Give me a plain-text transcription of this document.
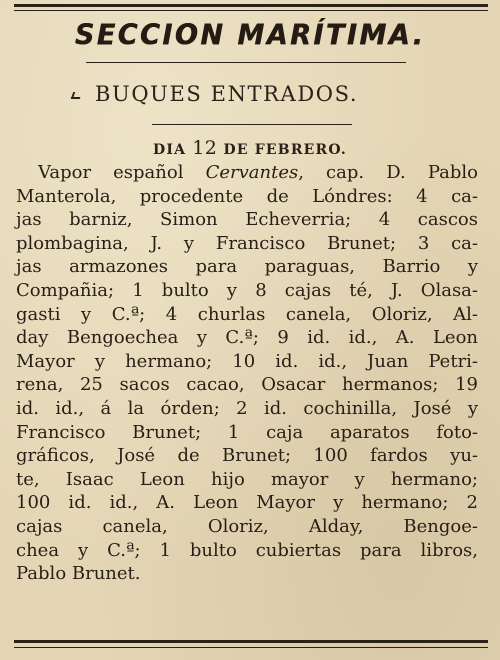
SECCION MARÍTIMA.
BUQUES ENTRADOS.
DIA 12 DE FEBRERO.
Vapor español Cervantes, cap. D. Pablo
Manterola, procedente de Lóndres: 4 ca-
jas barniz, Simon Echeverria; 4 cascos
plombagina, J. y Francisco Brunet; 3 ca-
jas armazones para paraguas, Barrio y
Compañia; 1 bulto y 8 cajas té, J. Olasa-
gasti y C.ª; 4 churlas canela, Oloriz, Al-
day Bengoechea y C.ª; 9 id. id., A. Leon
Mayor y hermano; 10 id. id., Juan Petri-
rena, 25 sacos cacao, Osacar hermanos; 19
id. id., á la órden; 2 id. cochinilla, José y
Francisco Brunet; 1 caja aparatos foto-
gráficos, José de Brunet; 100 fardos yu-
te, Isaac Leon hijo mayor y hermano;
100 id. id., A. Leon Mayor y hermano; 2
cajas canela, Oloriz, Alday, Bengoe-
chea y C.ª; 1 bulto cubiertas para libros,
Pablo Brunet.
